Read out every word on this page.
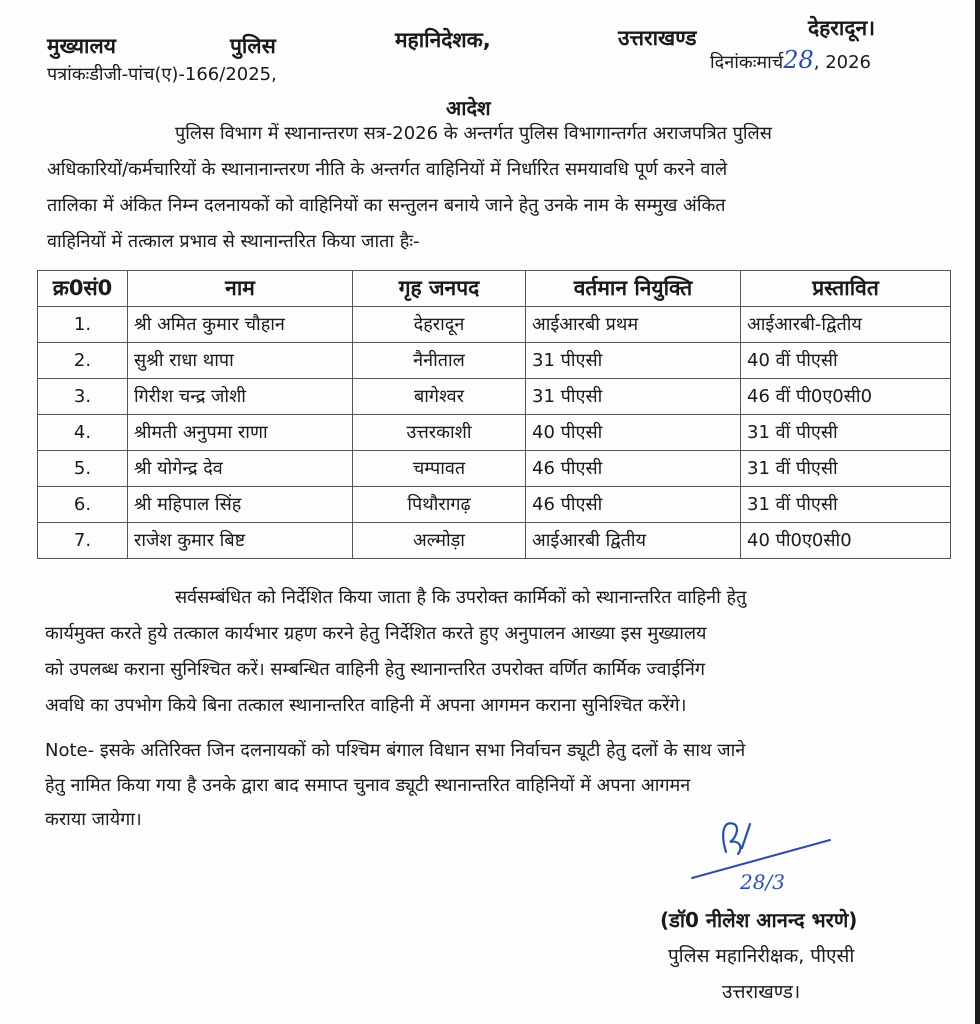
मुख्यालय	पुलिस	महानिदेशक,	उत्तराखण्ड	देहरादून।
पत्रांकःडीजी-पांच(ए)-166/2025,
दिनांकःमार्च28, 2026
आदेश
पुलिस विभाग में स्थानान्तरण सत्र-2026 के अन्तर्गत पुलिस विभागान्तर्गत अराजपत्रित पुलिस
अधिकारियों/कर्मचारियों के स्थानानान्तरण नीति के अन्तर्गत वाहिनियों में निर्धारित समयावधि पूर्ण करने वाले
तालिका में अंकित निम्न दलनायकों को वाहिनियों का सन्तुलन बनाये जाने हेतु उनके नाम के सम्मुख अंकित
वाहिनियों में तत्काल प्रभाव से स्थानान्तरित किया जाता हैः-
क्र0सं0	नाम	गृह जनपद	वर्तमान नियुक्ति	प्रस्तावित
1.	श्री अमित कुमार चौहान	देहरादून	आईआरबी प्रथम	आईआरबी-द्वितीय
2.	सुश्री राधा थापा	नैनीताल	31 पीएसी	40 वीं पीएसी
3.	गिरीश चन्द्र जोशी	बागेश्वर	31 पीएसी	46 वीं पी0ए0सी0
4.	श्रीमती अनुपमा राणा	उत्तरकाशी	40 पीएसी	31 वीं पीएसी
5.	श्री योगेन्द्र देव	चम्पावत	46 पीएसी	31 वीं पीएसी
6.	श्री महिपाल सिंह	पिथौरागढ़	46 पीएसी	31 वीं पीएसी
7.	राजेश कुमार बिष्ट	अल्मोड़ा	आईआरबी द्वितीय	40 पी0ए0सी0
सर्वसम्बंधित को निर्देशित किया जाता है कि उपरोक्त कार्मिकों को स्थानान्तरित वाहिनी हेतु
कार्यमुक्त करते हुये तत्काल कार्यभार ग्रहण करने हेतु निर्देशित करते हुए अनुपालन आख्या इस मुख्यालय
को उपलब्ध कराना सुनिश्चित करें। सम्बन्धित वाहिनी हेतु स्थानान्तरित उपरोक्त वर्णित कार्मिक ज्वाईनिंग
अवधि का उपभोग किये बिना तत्काल स्थानान्तरित वाहिनी में अपना आगमन कराना सुनिश्चित करेंगे।
Note- इसके अतिरिक्त जिन दलनायकों को पश्चिम बंगाल विधान सभा निर्वाचन ड्यूटी हेतु दलों के साथ जाने
हेतु नामित किया गया है उनके द्वारा बाद समाप्त चुनाव ड्यूटी स्थानान्तरित वाहिनियों में अपना आगमन
कराया जायेगा।
28/3
(डॉ0 नीलेश आनन्द भरणे)
पुलिस महानिरीक्षक, पीएसी
उत्तराखण्ड।
